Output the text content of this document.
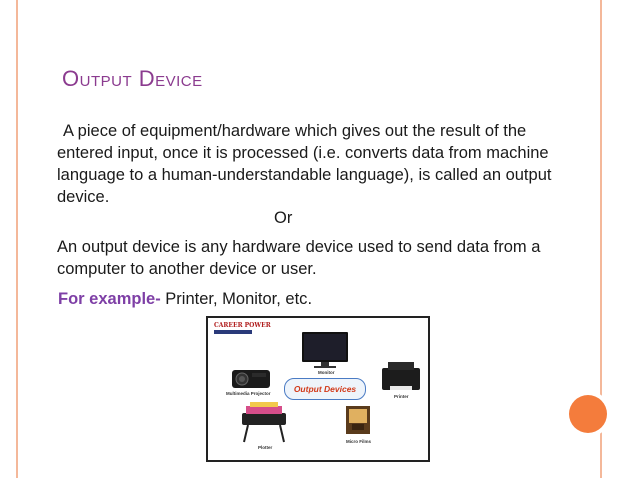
Output Device
A piece of equipment/hardware which gives out the result of the entered input, once it is processed (i.e. converts data from machine language to a human-understandable language), is called an output device.
Or
An output device is any hardware device used to send data from a computer to another device or user.
For example- Printer, Monitor, etc.
CAREER POWER
Output Devices
Monitor
Multimedia Projector
Printer
Plotter
Micro Films
